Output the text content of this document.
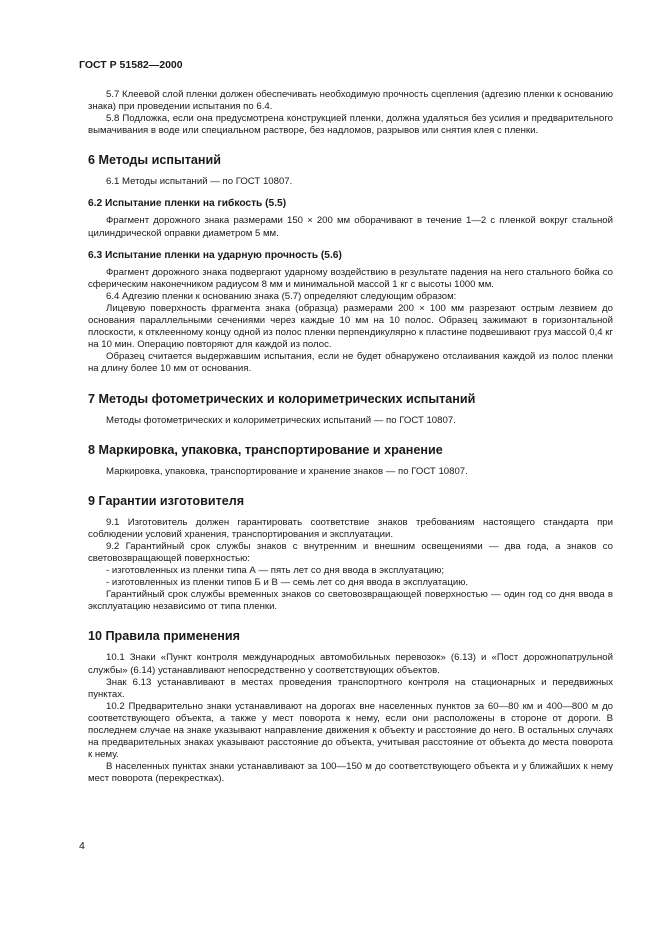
ГОСТ Р 51582—2000

5.7 Клеевой слой пленки должен обеспечивать необходимую прочность сцепления (адгезию пленки к основанию знака) при проведении испытания по 6.4.

5.8 Подложка, если она предусмотрена конструкцией пленки, должна удаляться без усилия и предварительного вымачивания в воде или специальном растворе, без надломов, разрывов или снятия клея с пленки.

6 Методы испытаний

6.1 Методы испытаний — по ГОСТ 10807.

6.2 Испытание пленки на гибкость (5.5)

Фрагмент дорожного знака размерами 150 × 200 мм оборачивают в течение 1—2 с пленкой вокруг стальной цилиндрической оправки диаметром 5 мм.

6.3 Испытание пленки на ударную прочность (5.6)

Фрагмент дорожного знака подвергают ударному воздействию в результате падения на него стального бойка со сферическим наконечником радиусом 8 мм и минимальной массой 1 кг с высоты 1000 мм.

6.4 Адгезию пленки к основанию знака (5.7) определяют следующим образом:

Лицевую поверхность фрагмента знака (образца) размерами 200 × 100 мм разрезают острым лезвием до основания параллельными сечениями через каждые 10 мм на 10 полос. Образец зажимают в горизонтальной плоскости, к отклеенному концу одной из полос пленки перпендикулярно к пластине подвешивают груз массой 0,4 кг на 10 мин. Операцию повторяют для каждой из полос.

Образец считается выдержавшим испытания, если не будет обнаружено отслаивания каждой из полос пленки на длину более 10 мм от основания.

7 Методы фотометрических и колориметрических испытаний

Методы фотометрических и колориметрических испытаний — по ГОСТ 10807.

8 Маркировка, упаковка, транспортирование и хранение

Маркировка, упаковка, транспортирование и хранение знаков — по ГОСТ 10807.

9 Гарантии изготовителя

9.1 Изготовитель должен гарантировать соответствие знаков требованиям настоящего стандарта при соблюдении условий хранения, транспортирования и эксплуатации.

9.2 Гарантийный срок службы знаков с внутренним и внешним освещениями — два года, а знаков со световозвращающей поверхностью:

- изготовленных из пленки типа А — пять лет со дня ввода в эксплуатацию;

- изготовленных из пленки типов Б и В — семь лет со дня ввода в эксплуатацию.

Гарантийный срок службы временных знаков со световозвращающей поверхностью — один год со дня ввода в эксплуатацию независимо от типа пленки.

10 Правила применения

10.1 Знаки «Пункт контроля международных автомобильных перевозок» (6.13) и «Пост дорожнопатрульной службы» (6.14) устанавливают непосредственно у соответствующих объектов.

Знак 6.13 устанавливают в местах проведения транспортного контроля на стационарных и передвижных пунктах.

10.2 Предварительно знаки устанавливают на дорогах вне населенных пунктов за 60—80 км и 400—800 м до соответствующего объекта, а также у мест поворота к нему, если они расположены в стороне от дороги. В последнем случае на знаке указывают направление движения к объекту и расстояние до него. В остальных случаях на предварительных знаках указывают расстояние до объекта, учитывая расстояние от объекта до места поворота к нему.

В населенных пунктах знаки устанавливают за 100—150 м до соответствующего объекта и у ближайших к нему мест поворота (перекрестках).

4
